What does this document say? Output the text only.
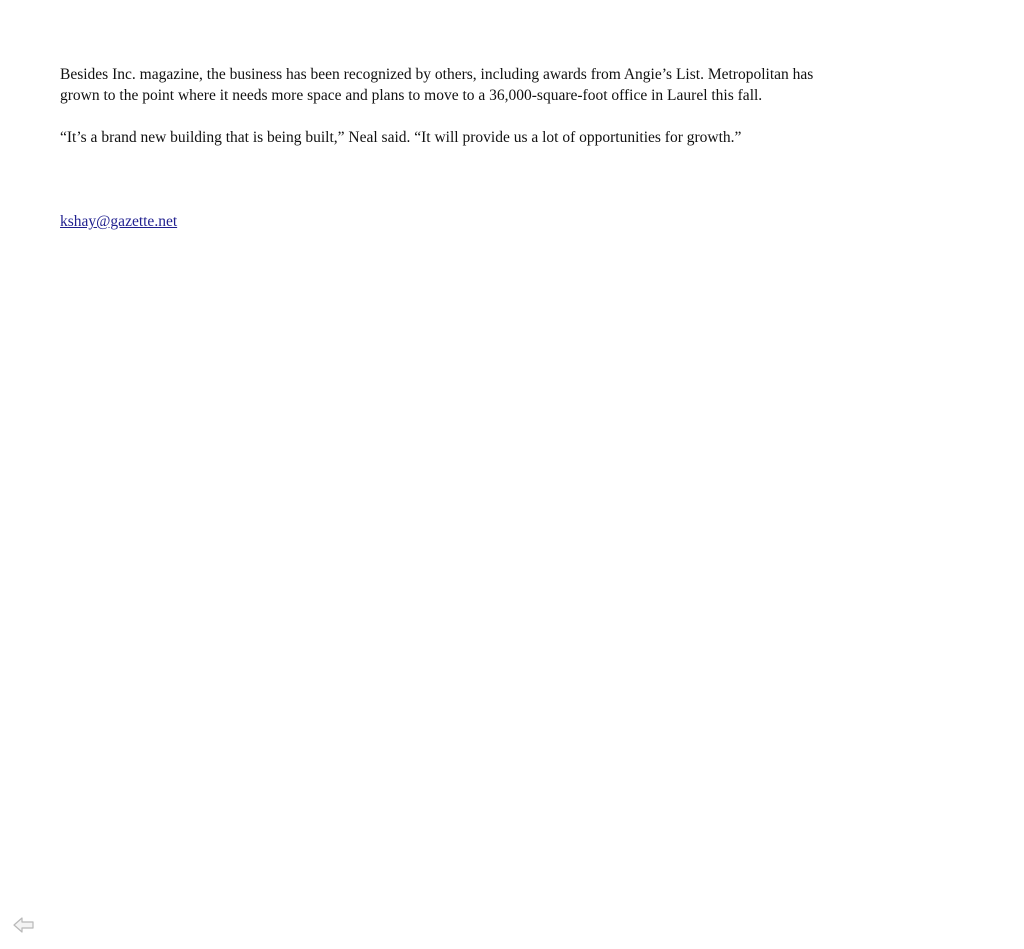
Besides Inc. magazine, the business has been recognized by others, including awards from Angie’s List. Metropolitan has grown to the point where it needs more space and plans to move to a 36,000-square-foot office in Laurel this fall.

“It’s a brand new building that is being built,” Neal said. “It will provide us a lot of opportunities for growth.”

kshay@gazette.net
